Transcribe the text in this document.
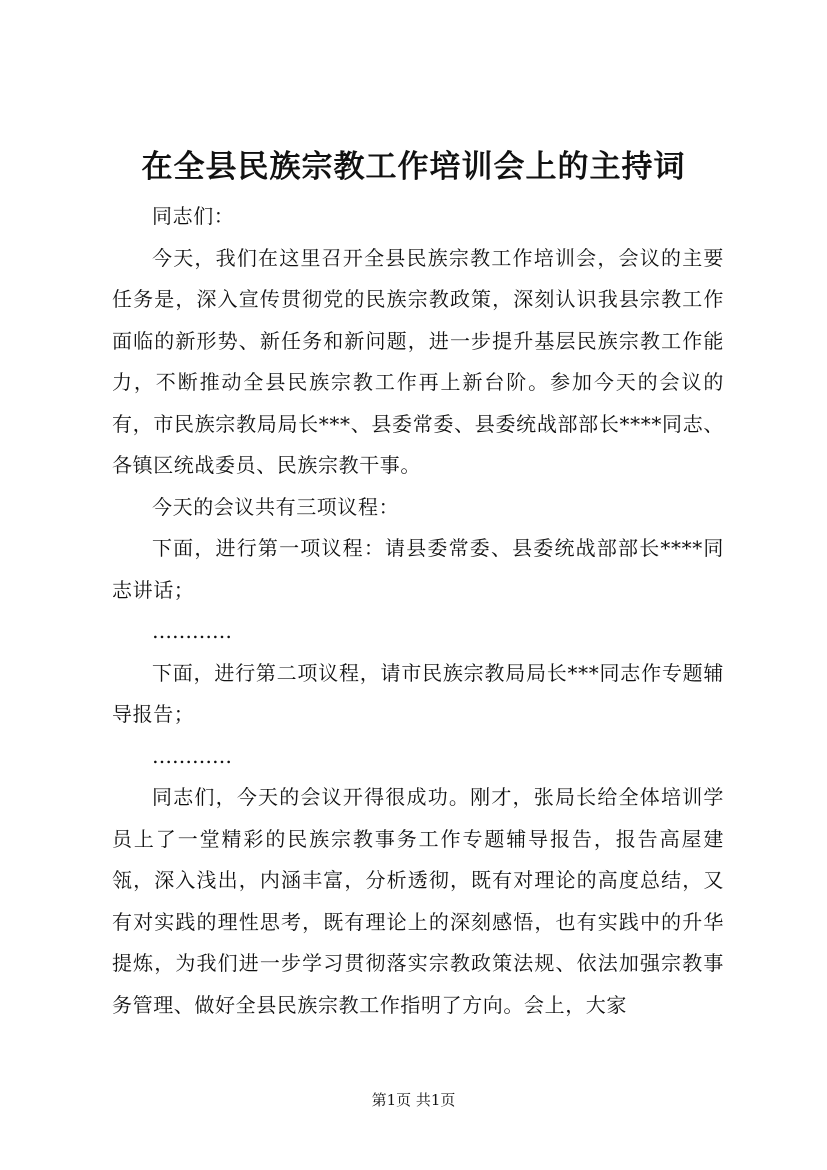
在全县民族宗教工作培训会上的主持词

同志们：

今天，我们在这里召开全县民族宗教工作培训会，会议的主要任务是，深入宣传贯彻党的民族宗教政策，深刻认识我县宗教工作面临的新形势、新任务和新问题，进一步提升基层民族宗教工作能力，不断推动全县民族宗教工作再上新台阶。参加今天的会议的有，市民族宗教局局长***、县委常委、县委统战部部长****同志、各镇区统战委员、民族宗教干事。

今天的会议共有三项议程：

下面，进行第一项议程：请县委常委、县委统战部部长****同志讲话；

…………

下面，进行第二项议程，请市民族宗教局局长***同志作专题辅导报告；

…………

同志们，今天的会议开得很成功。刚才，张局长给全体培训学员上了一堂精彩的民族宗教事务工作专题辅导报告，报告高屋建瓴，深入浅出，内涵丰富，分析透彻，既有对理论的高度总结，又有对实践的理性思考，既有理论上的深刻感悟，也有实践中的升华提炼，为我们进一步学习贯彻落实宗教政策法规、依法加强宗教事务管理、做好全县民族宗教工作指明了方向。会上，大家

第1页 共1页
